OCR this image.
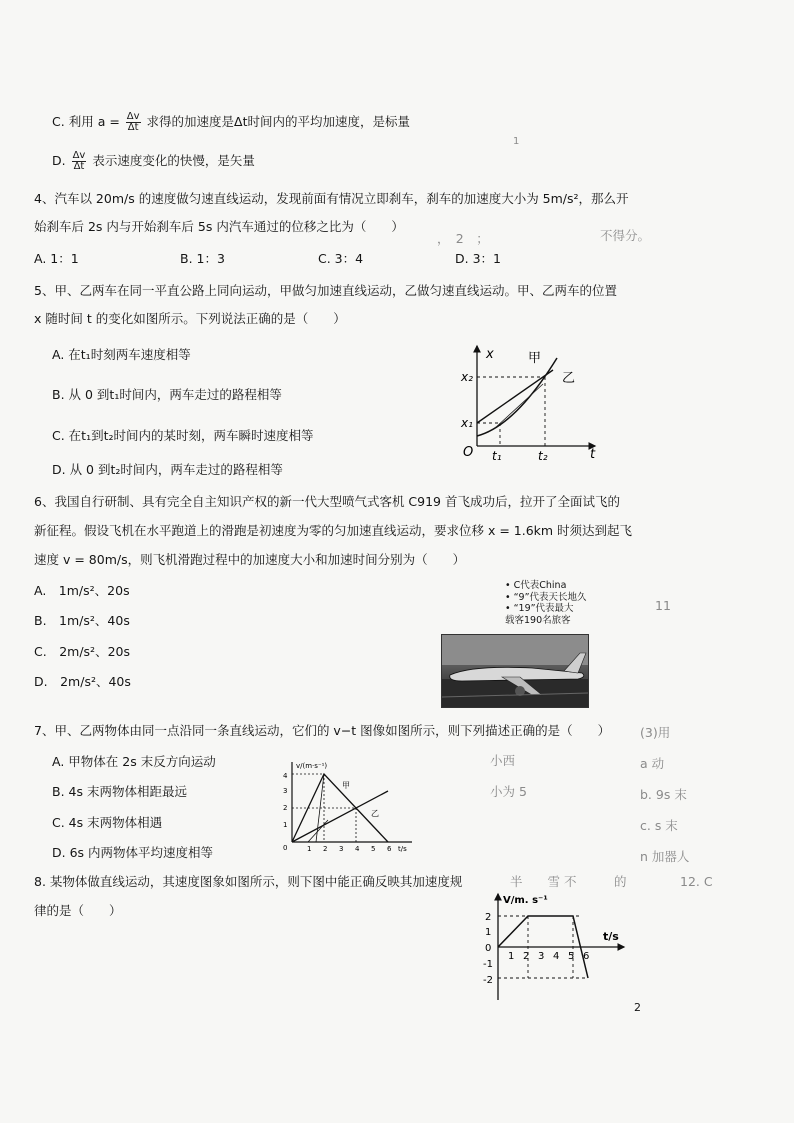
C. 利用 $a = \frac{\Delta v}{\Delta t}$ 求得的加速度是Δt时间内的平均加速度，是标量
1
D. $\frac{\Delta v}{\Delta t}$ 表示速度变化的快慢，是矢量
4、汽车以 20m/s 的速度做匀速直线运动，发现前面有情况立即刹车，刹车的加速度大小为 5m/s²，那么开
始刹车后 2s 内与开始刹车后 5s 内汽车通过的位移之比为（　　）
，　2　；	不得分。
A. 1：1	B. 1：3	C. 3：4	D. 3：1
5、甲、乙两车在同一平直公路上同向运动，甲做匀加速直线运动，乙做匀速直线运动。甲、乙两车的位置
x 随时间 t 的变化如图所示。下列说法正确的是（　　）
A. 在t₁时刻两车速度相等
B. 从 0 到t₁时间内，两车走过的路程相等
C. 在t₁到t₂时间内的某时刻，两车瞬时速度相等
D. 从 0 到t₂时间内，两车走过的路程相等
x
t
O
x₂
x₁
t₁	t₂
甲
乙
6、我国自行研制、具有完全自主知识产权的新一代大型喷气式客机 C919 首飞成功后，拉开了全面试飞的
新征程。假设飞机在水平跑道上的滑跑是初速度为零的匀加速直线运动，要求位移 x = 1.6km 时须达到起飞
速度 v = 80m/s，则飞机滑跑过程中的加速度大小和加速时间分别为（　　）
A.　1m/s²、20s
B.　1m/s²、40s
C.　2m/s²、20s
D.　2m/s²、40s
• C代表China
• “9”代表天长地久
• “19”代表最大
载客190名旅客
11
7、甲、乙两物体由同一点沿同一条直线运动，它们的 v−t 图像如图所示，则下列描述正确的是（　　）
A. 甲物体在 2s 末反方向运动
B. 4s 末两物体相距最远
C. 4s 末两物体相遇
D. 6s 内两物体平均速度相等
v/(m·s⁻¹)
t/s
0
1
2
3
4
1 2 3 4 5 6
甲
乙
小西
小为 5
(3)用
a 动
b. 9s 末
c. s 末
n 加器人
8. 某物体做直线运动，其速度图象如图所示，则下图中能正确反映其加速度规
律的是（　　）
半　　雪 不　　　的	12. C
V/m. s⁻¹
t/s
2
1
0
-1
-2
1 2 3 4 5 6
2
